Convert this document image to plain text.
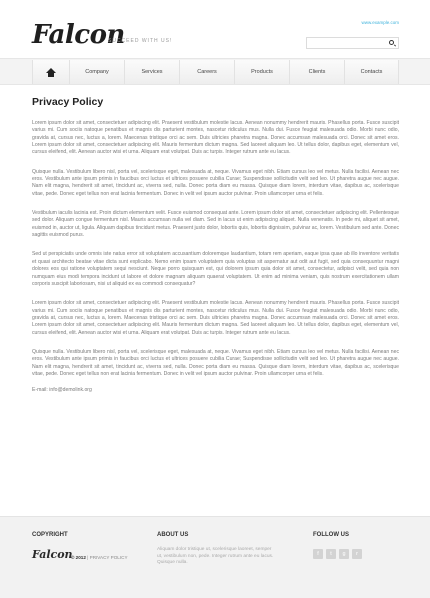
Falcon
SUCCEED WITH US!
www.example.com
Company	Services	Careers	Products	Clients	Contacts
Privacy Policy

Lorem ipsum dolor sit amet, consectetuer adipiscing elit. Praesent vestibulum molestie lacus. Aenean nonummy hendrerit mauris. Phasellus porta. Fusce suscipit varius mi. Cum sociis natoque penatibus et magnis dis parturient montes, nascetur ridiculus mus. Nulla dui. Fusce feugiat malesuada odio. Morbi nunc odio, gravida at, cursus nec, luctus a, lorem. Maecenas tristique orci ac sem. Duis ultricies pharetra magna. Donec accumsan malesuada orci. Donec sit amet eros. Lorem ipsum dolor sit amet, consectetuer adipiscing elit. Mauris fermentum dictum magna. Sed laoreet aliquam leo. Ut tellus dolor, dapibus eget, elementum vel, cursus eleifend, elit. Aenean auctor wisi et urna. Aliquam erat volutpat. Duis ac turpis. Integer rutrum ante eu lacus.

Quisque nulla. Vestibulum libero nisl, porta vel, scelerisque eget, malesuada at, neque. Vivamus eget nibh. Etiam cursus leo vel metus. Nulla facilisi. Aenean nec eros. Vestibulum ante ipsum primis in faucibus orci luctus et ultrices posuere cubilia Curae; Suspendisse sollicitudin velit sed leo. Ut pharetra augue nec augue. Nam elit magna, hendrerit sit amet, tincidunt ac, viverra sed, nulla. Donec porta diam eu massa. Quisque diam lorem, interdum vitae, dapibus ac, scelerisque vitae, pede. Donec eget tellus non erat lacinia fermentum. Donec in velit vel ipsum auctor pulvinar. Proin ullamcorper urna et felis.

Vestibulum iaculis lacinia est. Proin dictum elementum velit. Fusce euismod consequat ante. Lorem ipsum dolor sit amet, consectetuer adipiscing elit. Pellentesque sed dolor. Aliquam congue fermentum nisl. Mauris accumsan nulla vel diam. Sed in lacus ut enim adipiscing aliquet. Nulla venenatis. In pede mi, aliquet sit amet, euismod in, auctor ut, ligula. Aliquam dapibus tincidunt metus. Praesent justo dolor, lobortis quis, lobortis dignissim, pulvinar ac, lorem. Vestibulum sed ante. Donec sagittis euismod purus.

Sed ut perspiciatis unde omnis iste natus error sit voluptatem accusantium doloremque laudantium, totam rem aperiam, eaque ipsa quae ab illo inventore veritatis et quasi architecto beatae vitae dicta sunt explicabo. Nemo enim ipsam voluptatem quia voluptas sit aspernatur aut odit aut fugit, sed quia consequuntur magni dolores eos qui ratione voluptatem sequi nesciunt. Neque porro quisquam est, qui dolorem ipsum quia dolor sit amet, consectetur, adipisci velit, sed quia non numquam eius modi tempora incidunt ut labore et dolore magnam aliquam quaerat voluptatem. Ut enim ad minima veniam, quis nostrum exercitationem ullam corporis suscipit laboriosam, nisi ut aliquid ex ea commodi consequatur?

Lorem ipsum dolor sit amet, consectetuer adipiscing elit. Praesent vestibulum molestie lacus. Aenean nonummy hendrerit mauris. Phasellus porta. Fusce suscipit varius mi. Cum sociis natoque penatibus et magnis dis parturient montes, nascetur ridiculus mus. Nulla dui. Fusce feugiat malesuada odio. Morbi nunc odio, gravida at, cursus nec, luctus a, lorem. Maecenas tristique orci ac sem. Duis ultricies pharetra magna. Donec accumsan malesuada orci. Donec sit amet eros. Lorem ipsum dolor sit amet, consectetuer adipiscing elit. Mauris fermentum dictum magna. Sed laoreet aliquam leo. Ut tellus dolor, dapibus eget, elementum vel, cursus eleifend, elit. Aenean auctor wisi et urna. Aliquam erat volutpat. Duis ac turpis. Integer rutrum ante eu lacus.

Quisque nulla. Vestibulum libero nisl, porta vel, scelerisque eget, malesuada at, neque. Vivamus eget nibh. Etiam cursus leo vel metus. Nulla facilisi. Aenean nec eros. Vestibulum ante ipsum primis in faucibus orci luctus et ultrices posuere cubilia Curae; Suspendisse sollicitudin velit sed leo. Ut pharetra augue nec augue. Nam elit magna, hendrerit sit amet, tincidunt ac, viverra sed, nulla. Donec porta diam eu massa. Quisque diam lorem, interdum vitae, dapibus ac, scelerisque vitae, pede. Donec eget tellus non erat lacinia fermentum. Donec in velit vel ipsum auctor pulvinar. Proin ullamcorper urna et felis.

E-mail: info@demolink.org
COPYRIGHT
Falcon
© 2012 | PRIVACY POLICY
ABOUT US
Aliquam dolor tristique ut, scelerisque laoreet, semper ut, vestibulum non, pede. Integer rutrum ante eu lacus. Quisque nulla.
FOLLOW US
f	t	g	r
